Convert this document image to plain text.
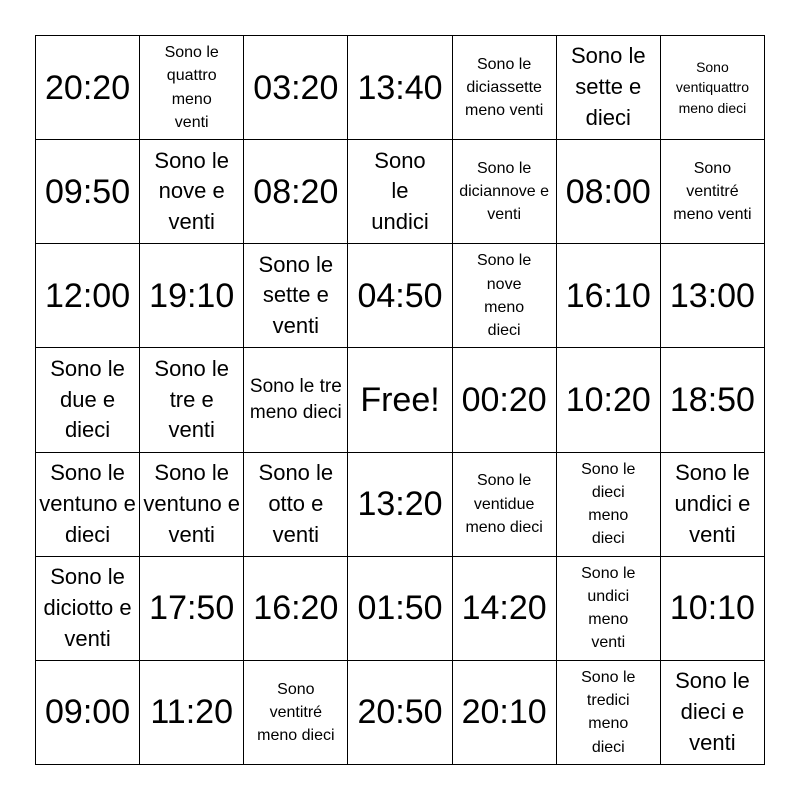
20:20
Sono le quattro meno venti
03:20 13:40
Sono le diciassette meno venti
Sono le sette e dieci
Sono ventiquattro meno dieci
09:50
Sono le nove e venti
08:20
Sono le undici
Sono le diciannove e venti
08:00
Sono ventitré meno venti
12:00 19:10
Sono le sette e venti
04:50
Sono le nove meno dieci
16:10 13:00
Sono le due e dieci
Sono le tre e venti
Sono le tre meno dieci Free! 00:20 10:20 18:50
Sono le ventuno e dieci
Sono le ventuno e venti
Sono le otto e venti
13:20
Sono le ventidue meno dieci
Sono le dieci meno dieci
Sono le undici e venti
Sono le diciotto e venti
17:50 16:20 01:50 14:20
Sono le undici meno venti
10:10
09:00 11:20
Sono ventitré meno dieci
20:50 20:10
Sono le tredici meno dieci
Sono le dieci e venti
